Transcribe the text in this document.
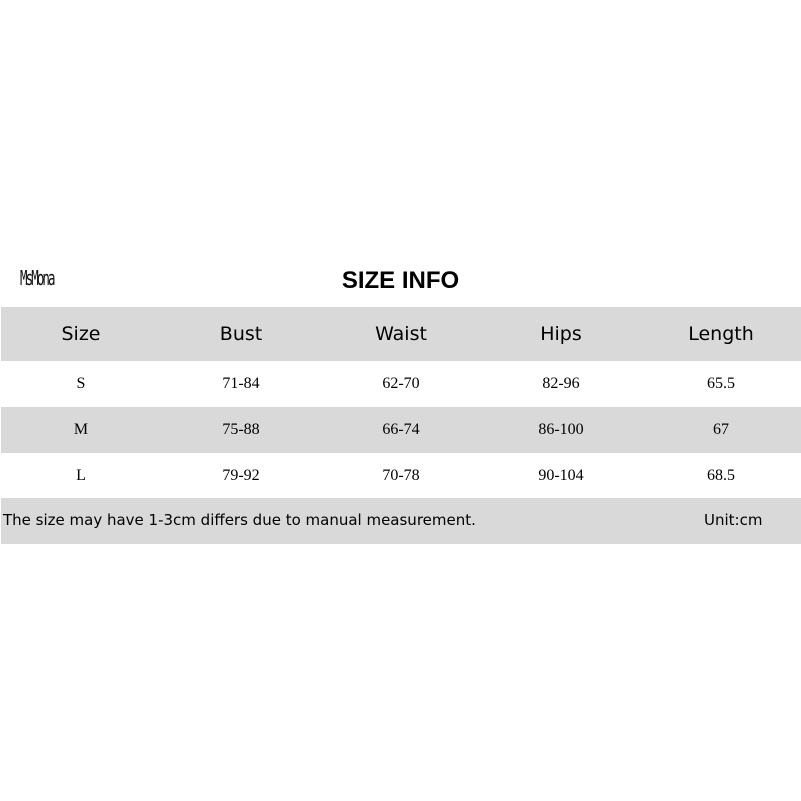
MsMona	SIZE INFO
Size	Bust	Waist	Hips	Length
S	71-84	62-70	82-96	65.5
M	75-88	66-74	86-100	67
L	79-92	70-78	90-104	68.5
The size may have 1-3cm differs due to manual measurement.	Unit:cm
